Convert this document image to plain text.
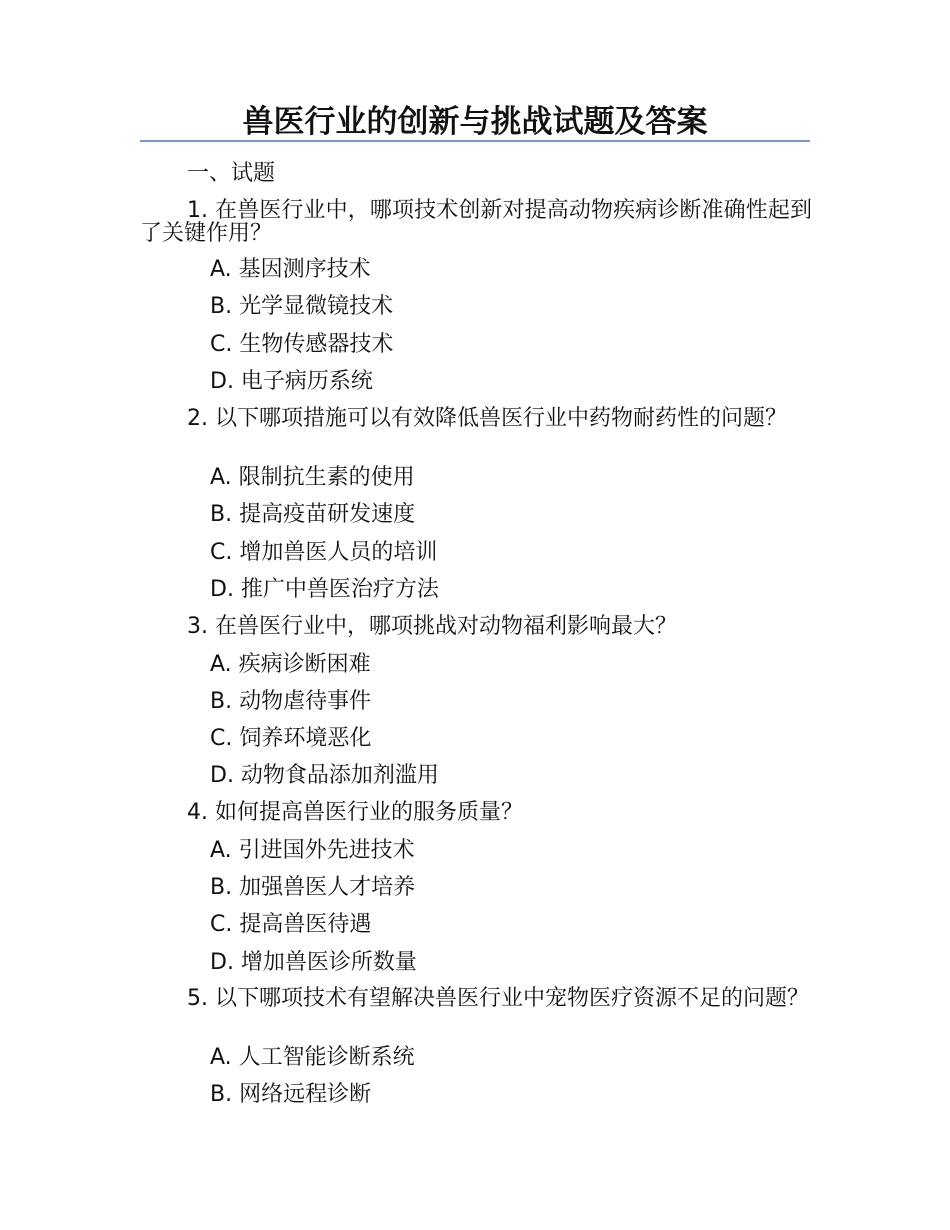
兽医行业的创新与挑战试题及答案
一、试题
1. 在兽医行业中，哪项技术创新对提高动物疾病诊断准确性起到了关键作用？
A. 基因测序技术
B. 光学显微镜技术
C. 生物传感器技术
D. 电子病历系统
2. 以下哪项措施可以有效降低兽医行业中药物耐药性的问题？
A. 限制抗生素的使用
B. 提高疫苗研发速度
C. 增加兽医人员的培训
D. 推广中兽医治疗方法
3. 在兽医行业中，哪项挑战对动物福利影响最大？
A. 疾病诊断困难
B. 动物虐待事件
C. 饲养环境恶化
D. 动物食品添加剂滥用
4. 如何提高兽医行业的服务质量？
A. 引进国外先进技术
B. 加强兽医人才培养
C. 提高兽医待遇
D. 增加兽医诊所数量
5. 以下哪项技术有望解决兽医行业中宠物医疗资源不足的问题？
A. 人工智能诊断系统
B. 网络远程诊断
